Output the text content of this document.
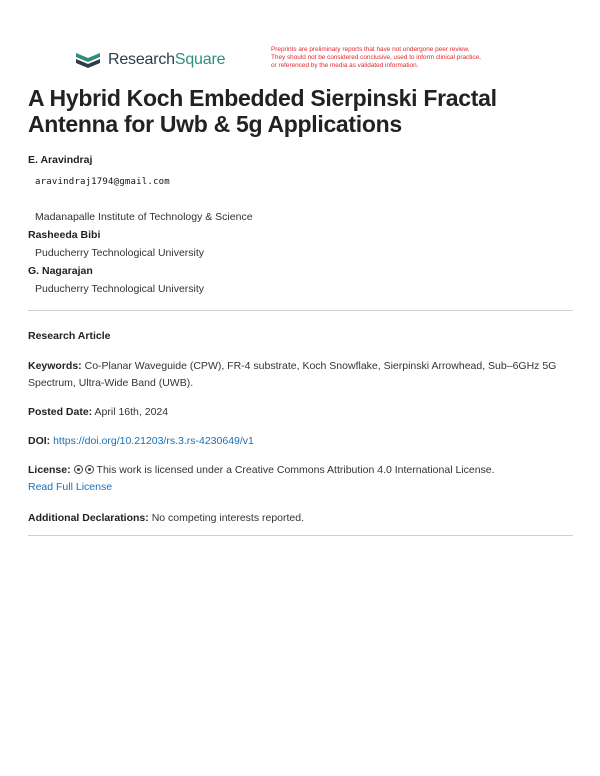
ResearchSquare
Preprints are preliminary reports that have not undergone peer review.
They should not be considered conclusive, used to inform clinical practice,
or referenced by the media as validated information.
A Hybrid Koch Embedded Sierpinski Fractal Antenna for Uwb & 5g Applications
E. Aravindraj
aravindraj1794@gmail.com
Madanapalle Institute of Technology & Science
Rasheeda Bibi
Puducherry Technological University
G. Nagarajan
Puducherry Technological University
Research Article
Keywords: Co-Planar Waveguide (CPW), FR-4 substrate, Koch Snowflake, Sierpinski Arrowhead, Sub–6GHz 5G Spectrum, Ultra-Wide Band (UWB).
Posted Date: April 16th, 2024
DOI: https://doi.org/10.21203/rs.3.rs-4230649/v1
License: This work is licensed under a Creative Commons Attribution 4.0 International License.
Read Full License
Additional Declarations: No competing interests reported.
